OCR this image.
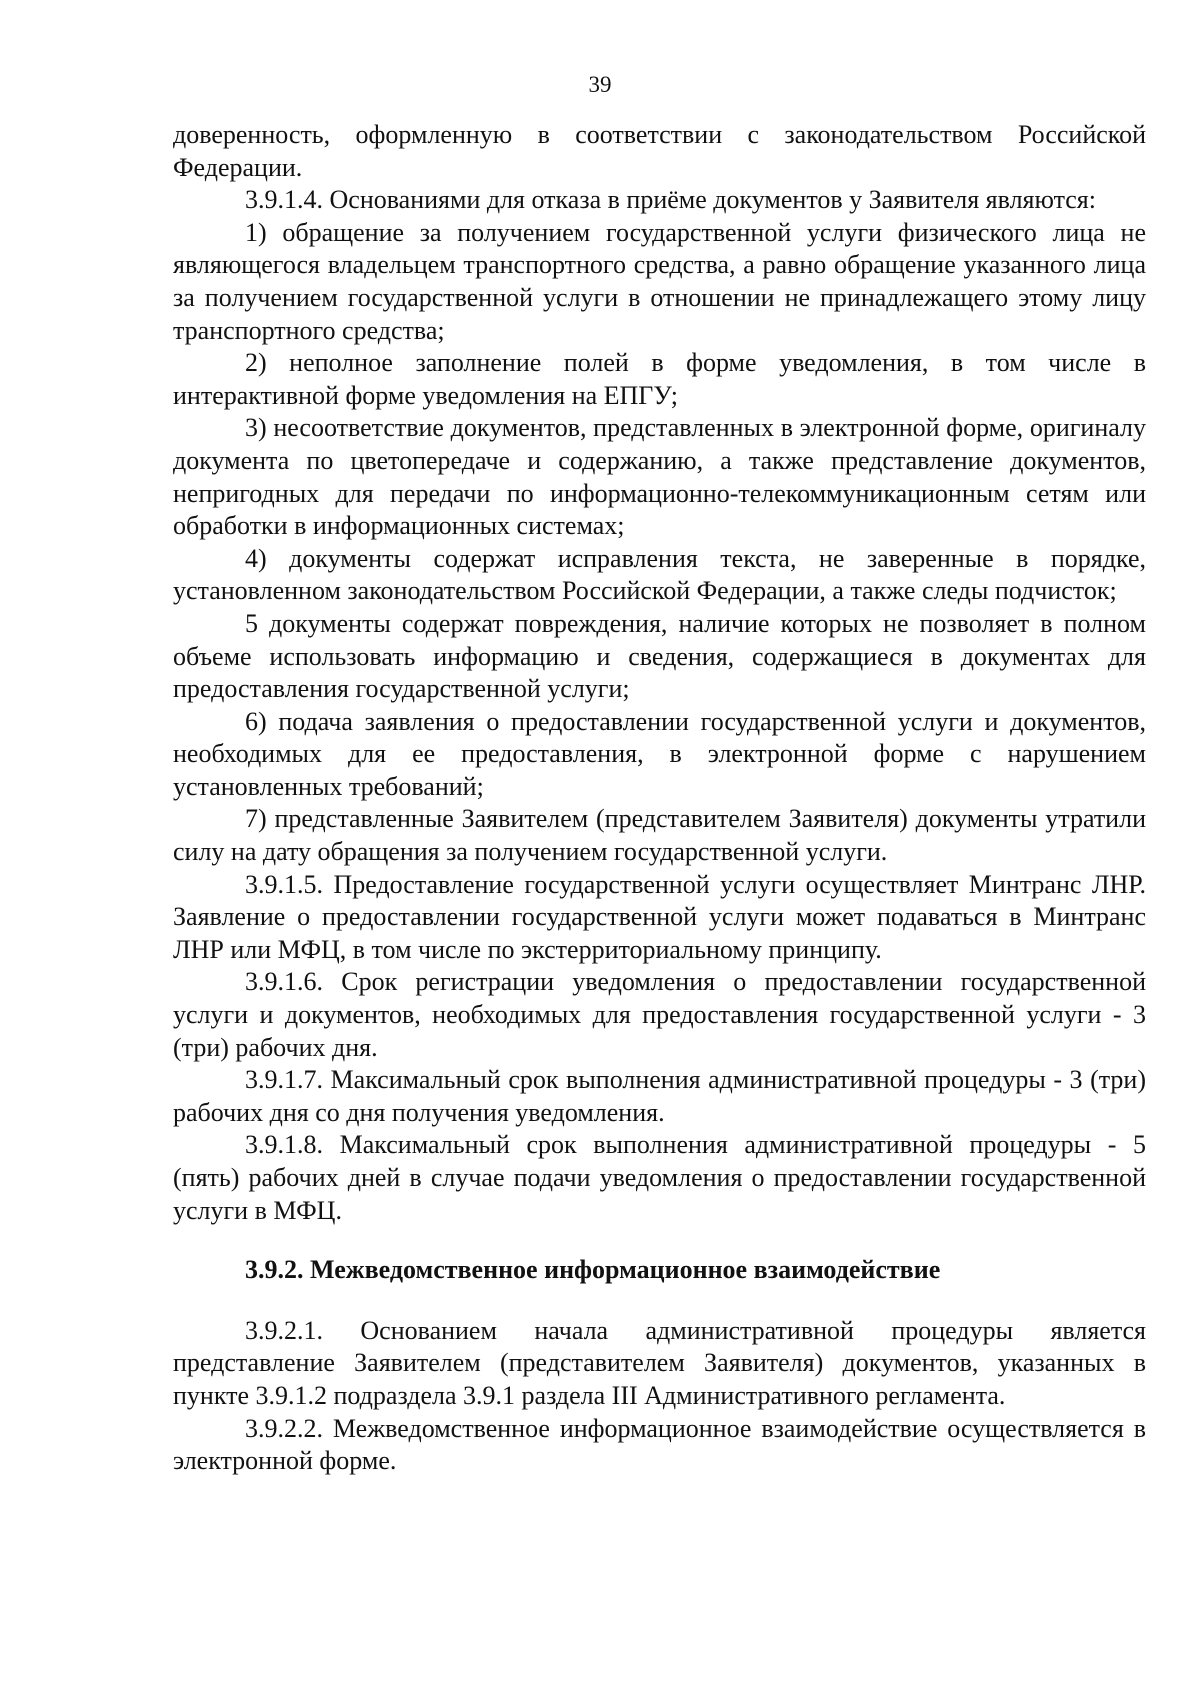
39

доверенность, оформленную в соответствии с законодательством Российской Федерации.

3.9.1.4. Основаниями для отказа в приёме документов у Заявителя являются:

1) обращение за получением государственной услуги физического лица не являющегося владельцем транспортного средства, а равно обращение указанного лица за получением государственной услуги в отношении не принадлежащего этому лицу транспортного средства;

2) неполное заполнение полей в форме уведомления, в том числе в интерактивной форме уведомления на ЕПГУ;

3) несоответствие документов, представленных в электронной форме, оригиналу документа по цветопередаче и содержанию, а также представление документов, непригодных для передачи по информационно-телекоммуникационным сетям или обработки в информационных системах;

4) документы содержат исправления текста, не заверенные в порядке, установленном законодательством Российской Федерации, а также следы подчисток;

5 документы содержат повреждения, наличие которых не позволяет в полном объеме использовать информацию и сведения, содержащиеся в документах для предоставления государственной услуги;

6) подача заявления о предоставлении государственной услуги и документов, необходимых для ее предоставления, в электронной форме с нарушением установленных требований;

7) представленные Заявителем (представителем Заявителя) документы утратили силу на дату обращения за получением государственной услуги.

3.9.1.5. Предоставление государственной услуги осуществляет Минтранс ЛНР. Заявление о предоставлении государственной услуги может подаваться в Минтранс ЛНР или МФЦ, в том числе по экстерриториальному принципу.

3.9.1.6. Срок регистрации уведомления о предоставлении государственной услуги и документов, необходимых для предоставления государственной услуги - 3 (три) рабочих дня.

3.9.1.7. Максимальный срок выполнения административной процедуры - 3 (три) рабочих дня со дня получения уведомления.

3.9.1.8. Максимальный срок выполнения административной процедуры - 5 (пять) рабочих дней в случае подачи уведомления о предоставлении государственной услуги в МФЦ.

3.9.2. Межведомственное информационное взаимодействие

3.9.2.1. Основанием начала административной процедуры является представление Заявителем (представителем Заявителя) документов, указанных в пункте 3.9.1.2 подраздела 3.9.1 раздела III Административного регламента.

3.9.2.2. Межведомственное информационное взаимодействие осуществляется в электронной форме.
